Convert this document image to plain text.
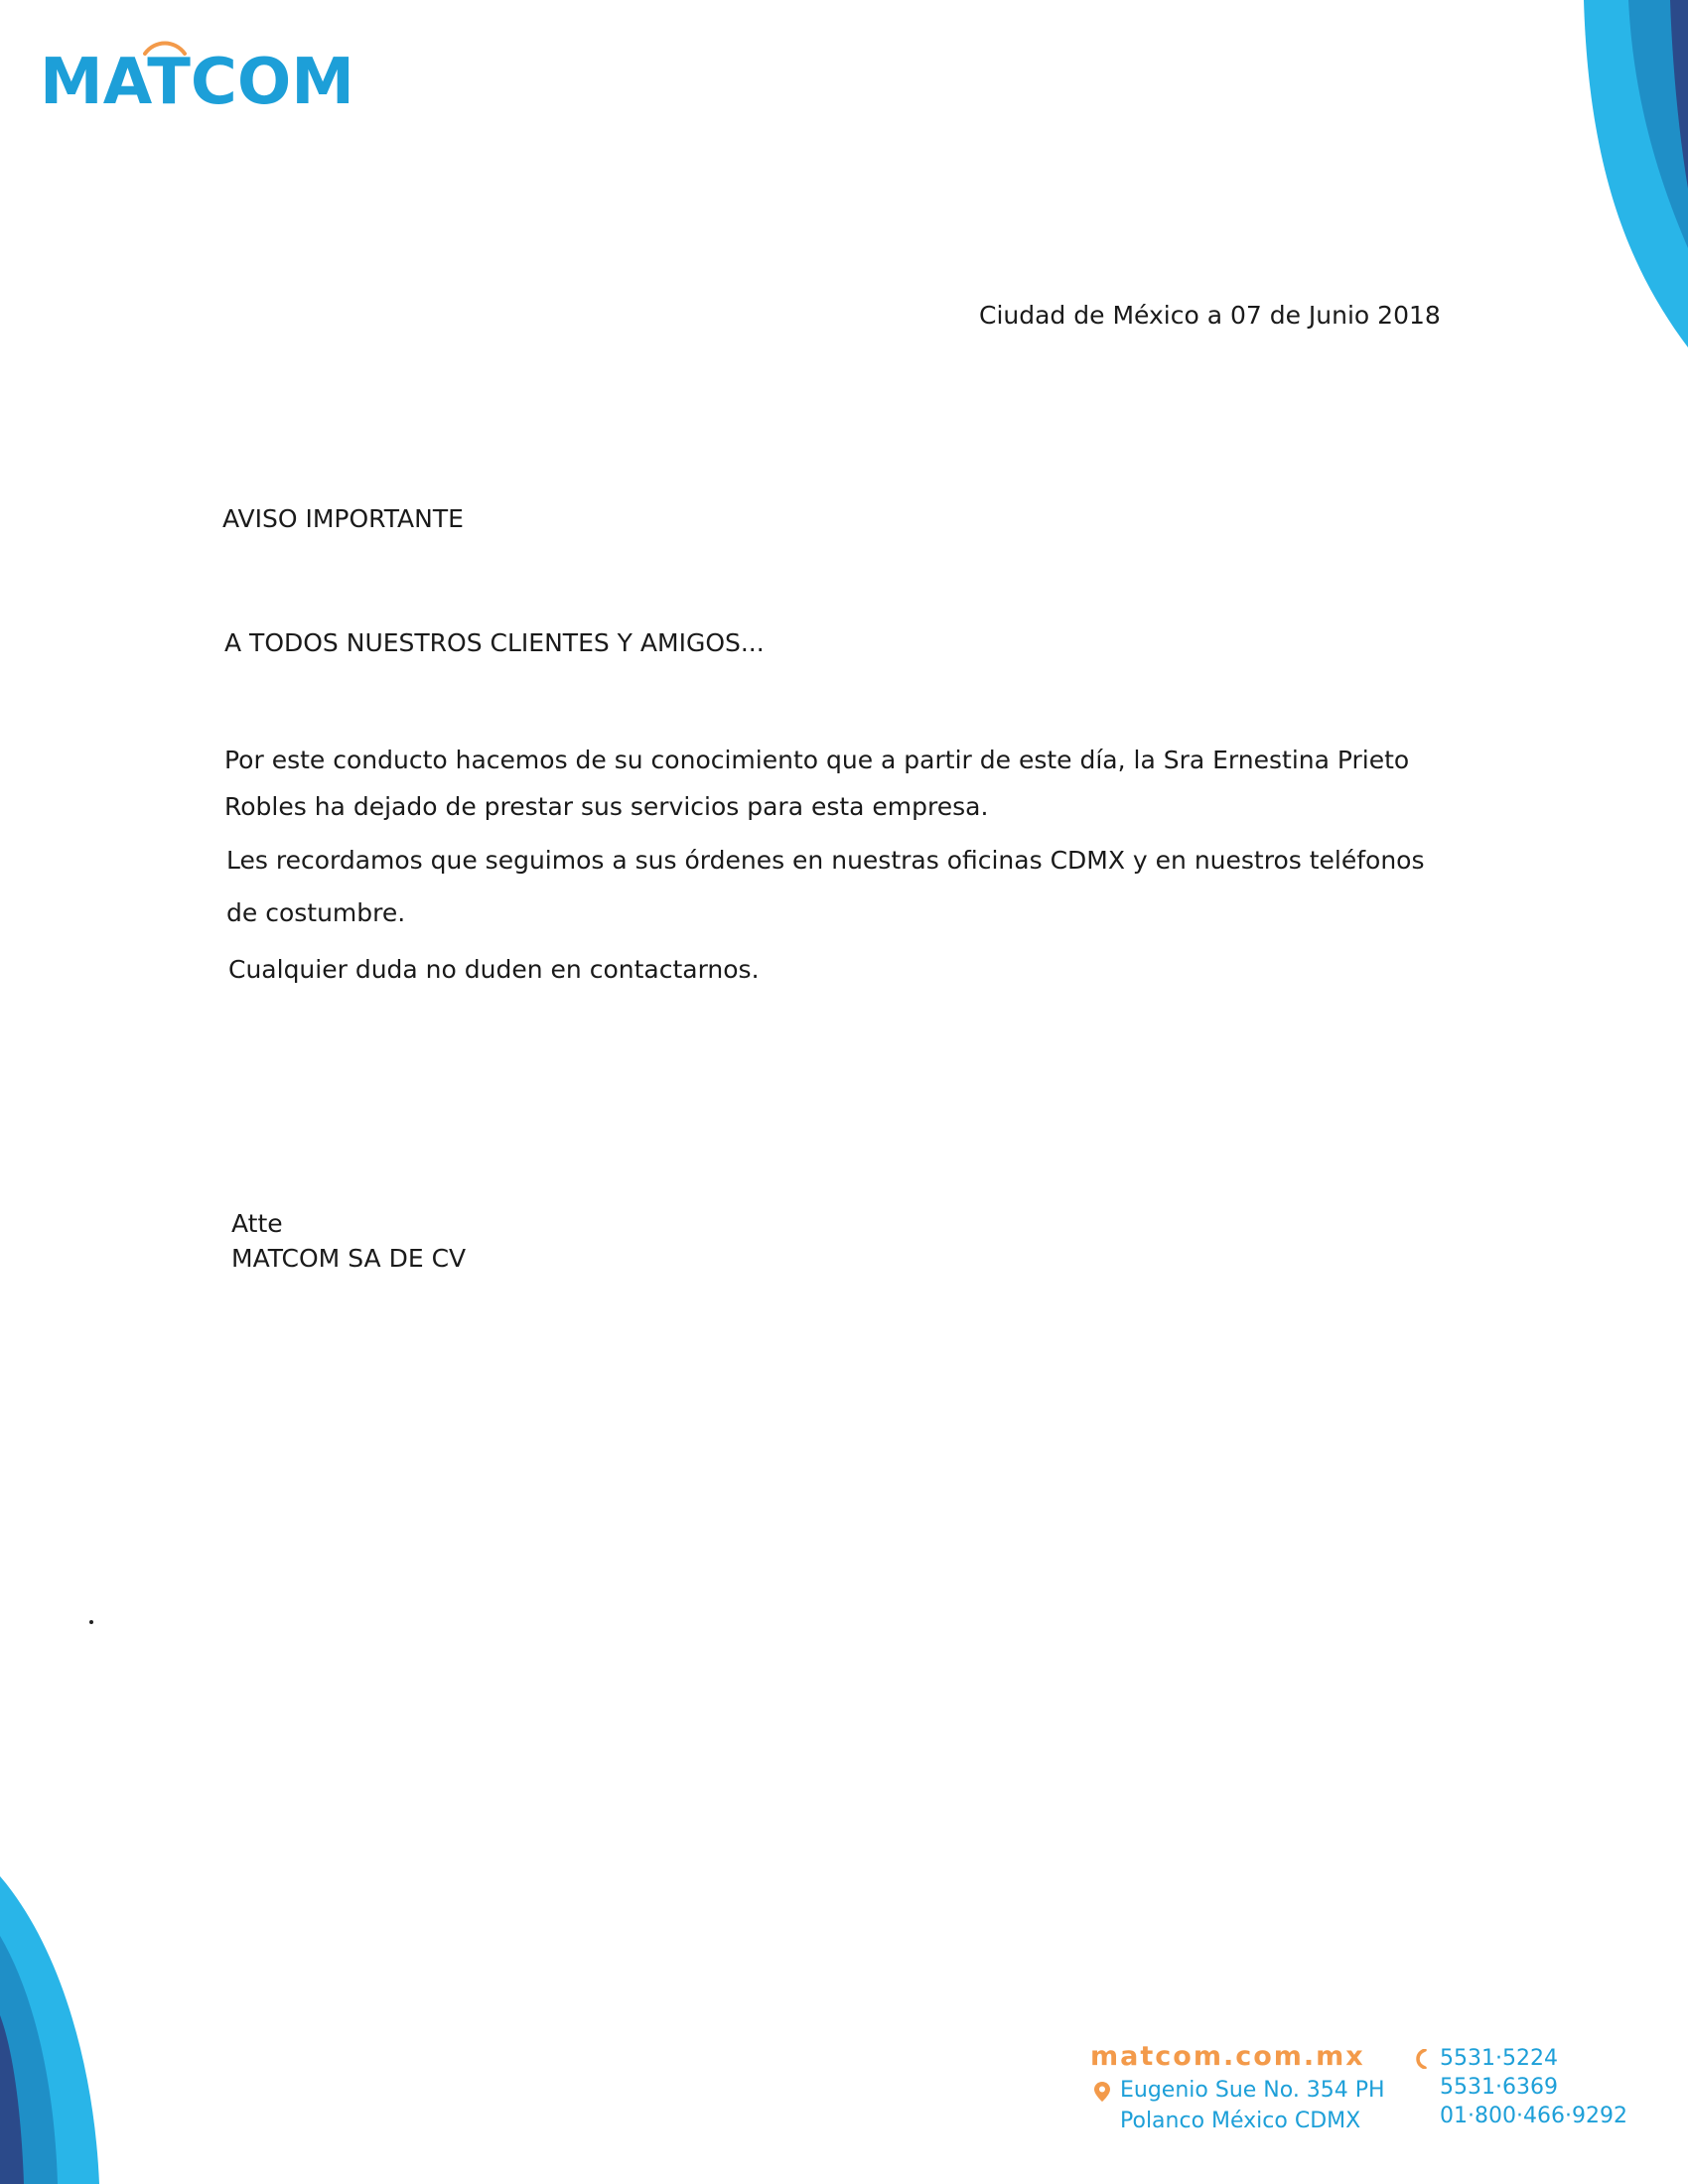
MATCOM
Ciudad de México a 07 de Junio 2018
AVISO IMPORTANTE
A TODOS NUESTROS CLIENTES Y AMIGOS...
Por este conducto hacemos de su conocimiento que a partir de este día, la Sra Ernestina Prieto Robles ha dejado de prestar sus servicios para esta empresa.
Les recordamos que seguimos a sus órdenes en nuestras oficinas CDMX y en nuestros teléfonos de costumbre.
Cualquier duda no duden en contactarnos.
Atte
MATCOM SA DE CV
matcom.com.mx
Eugenio Sue No. 354 PH
Polanco México CDMX
5531·5224
5531·6369
01·800·466·9292
